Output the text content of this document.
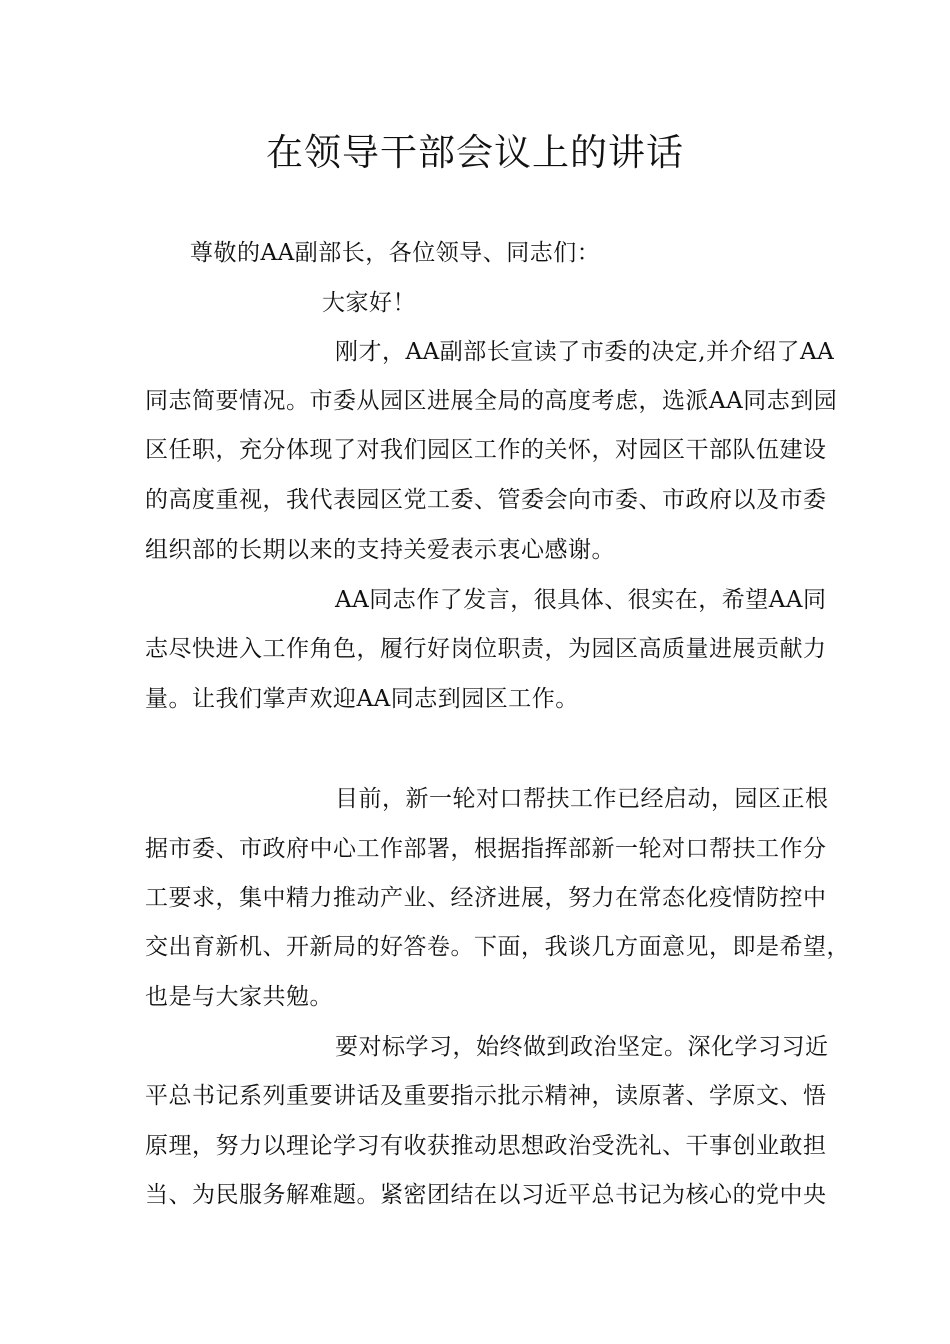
在领导干部会议上的讲话

尊敬的AA副部长，各位领导、同志们：

大家好！

刚才，AA副部长宣读了市委的决定,并介绍了AA

同志简要情况。市委从园区进展全局的高度考虑，选派AA同志到园

区任职，充分体现了对我们园区工作的关怀，对园区干部队伍建设

的高度重视，我代表园区党工委、管委会向市委、市政府以及市委

组织部的长期以来的支持关爱表示衷心感谢。

AA同志作了发言，很具体、很实在，希望AA同

志尽快进入工作角色，履行好岗位职责，为园区高质量进展贡献力

量。让我们掌声欢迎AA同志到园区工作。

目前，新一轮对口帮扶工作已经启动，园区正根

据市委、市政府中心工作部署，根据指挥部新一轮对口帮扶工作分

工要求，集中精力推动产业、经济进展，努力在常态化疫情防控中

交出育新机、开新局的好答卷。下面，我谈几方面意见，即是希望，

也是与大家共勉。

要对标学习，始终做到政治坚定。深化学习习近

平总书记系列重要讲话及重要指示批示精神，读原著、学原文、悟

原理，努力以理论学习有收获推动思想政治受洗礼、干事创业敢担

当、为民服务解难题。紧密团结在以习近平总书记为核心的党中央
